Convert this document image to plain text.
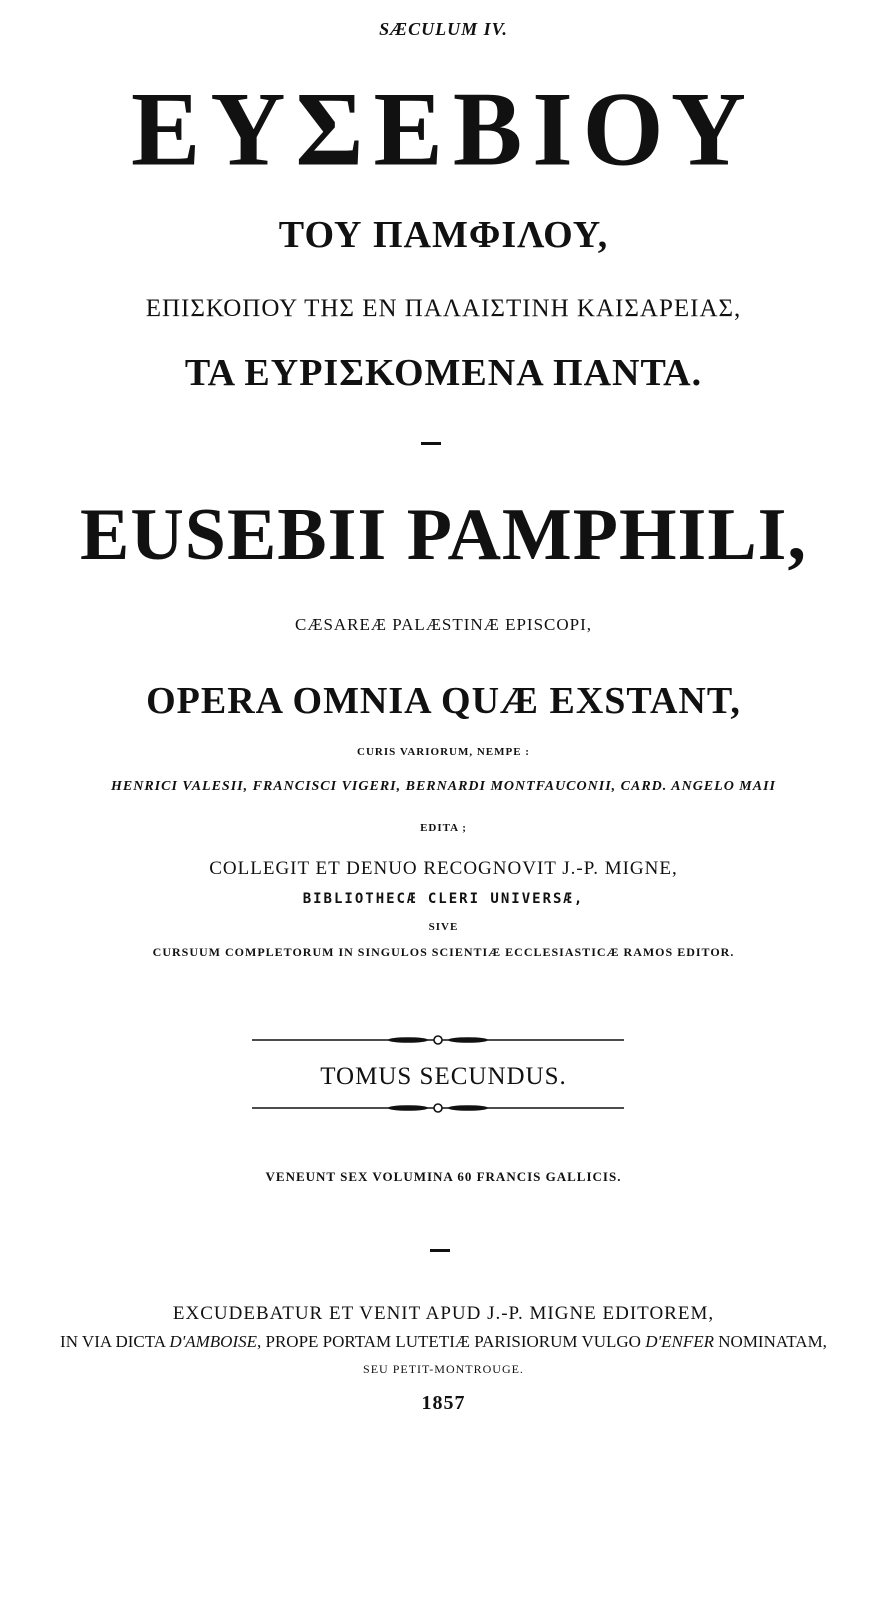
SÆCULUM IV.
ΕΥΣΕΒΙΟΥ
ΤΟΥ ΠΑΜΦΙΛΟΥ,
ΕΠΙΣΚΟΠΟΥ ΤΗΣ ΕΝ ΠΑΛΑΙΣΤΙΝΗ ΚΑΙΣΑΡΕΙΑΣ,
ΤΑ ΕΥΡΙΣΚΟΜΕΝΑ ΠΑΝΤΑ.
EUSEBII PAMPHILI,
CÆSAREÆ PALÆSTINÆ EPISCOPI,
OPERA OMNIA QUÆ EXSTANT,
CURIS VARIORUM, NEMPE :
HENRICI VALESII, FRANCISCI VIGERI, BERNARDI MONTFAUCONII, CARD. ANGELO MAII
EDITA ;
COLLEGIT ET DENUO RECOGNOVIT J.-P. MIGNE,
BIBLIOTHECÆ CLERI UNIVERSÆ,
SIVE
CURSUUM COMPLETORUM IN SINGULOS SCIENTIÆ ECCLESIASTICÆ RAMOS EDITOR.
TOMUS SECUNDUS.
VENEUNT SEX VOLUMINA 60 FRANCIS GALLICIS.
EXCUDEBATUR ET VENIT APUD J.-P. MIGNE EDITOREM,
IN VIA DICTA D'AMBOISE, PROPE PORTAM LUTETIÆ PARISIORUM VULGO D'ENFER NOMINATAM,
SEU PETIT-MONTROUGE.
1857
